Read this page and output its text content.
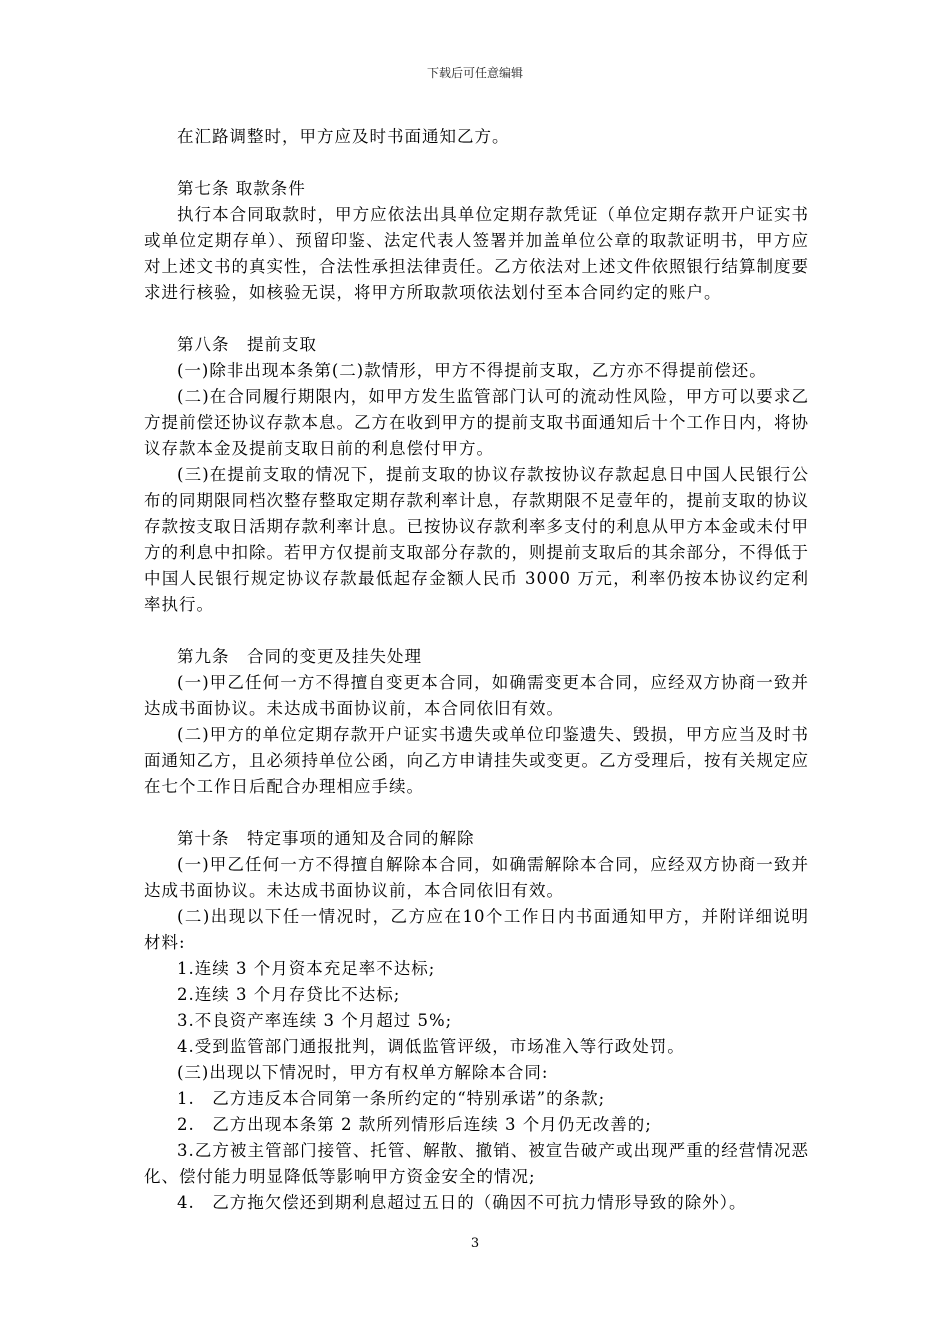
下载后可任意编辑

在汇路调整时，甲方应及时书面通知乙方。

第七条 取款条件

执行本合同取款时，甲方应依法出具单位定期存款凭证（单位定期存款开户证实书或单位定期存单）、预留印鉴、法定代表人签署并加盖单位公章的取款证明书，甲方应对上述文书的真实性，合法性承担法律责任。乙方依法对上述文件依照银行结算制度要求进行核验，如核验无误，将甲方所取款项依法划付至本合同约定的账户。

第八条　提前支取

(一)除非出现本条第(二)款情形，甲方不得提前支取，乙方亦不得提前偿还。

(二)在合同履行期限内，如甲方发生监管部门认可的流动性风险，甲方可以要求乙方提前偿还协议存款本息。乙方在收到甲方的提前支取书面通知后十个工作日内，将协议存款本金及提前支取日前的利息偿付甲方。

(三)在提前支取的情况下，提前支取的协议存款按协议存款起息日中国人民银行公布的同期限同档次整存整取定期存款利率计息，存款期限不足壹年的，提前支取的协议存款按支取日活期存款利率计息。已按协议存款利率多支付的利息从甲方本金或未付甲方的利息中扣除。若甲方仅提前支取部分存款的，则提前支取后的其余部分，不得低于中国人民银行规定协议存款最低起存金额人民币 3000 万元，利率仍按本协议约定利率执行。

第九条　合同的变更及挂失处理

(一)甲乙任何一方不得擅自变更本合同，如确需变更本合同，应经双方协商一致并达成书面协议。未达成书面协议前，本合同依旧有效。

(二)甲方的单位定期存款开户证实书遗失或单位印鉴遗失、毁损，甲方应当及时书面通知乙方，且必须持单位公函，向乙方申请挂失或变更。乙方受理后，按有关规定应在七个工作日后配合办理相应手续。

第十条　特定事项的通知及合同的解除

(一)甲乙任何一方不得擅自解除本合同，如确需解除本合同，应经双方协商一致并达成书面协议。未达成书面协议前，本合同依旧有效。

(二)出现以下任一情况时，乙方应在10个工作日内书面通知甲方，并附详细说明材料:

1.连续 3 个月资本充足率不达标;

2.连续 3 个月存贷比不达标;

3.不良资产率连续 3 个月超过 5%;

4.受到监管部门通报批判，调低监管评级，市场准入等行政处罚。

(三)出现以下情况时，甲方有权单方解除本合同:

1.　乙方违反本合同第一条所约定的“特别承诺”的条款;

2.　乙方出现本条第 2 款所列情形后连续 3 个月仍无改善的;

3.乙方被主管部门接管、托管、解散、撤销、被宣告破产或出现严重的经营情况恶化、偿付能力明显降低等影响甲方资金安全的情况;

4.　乙方拖欠偿还到期利息超过五日的（确因不可抗力情形导致的除外）。

3
